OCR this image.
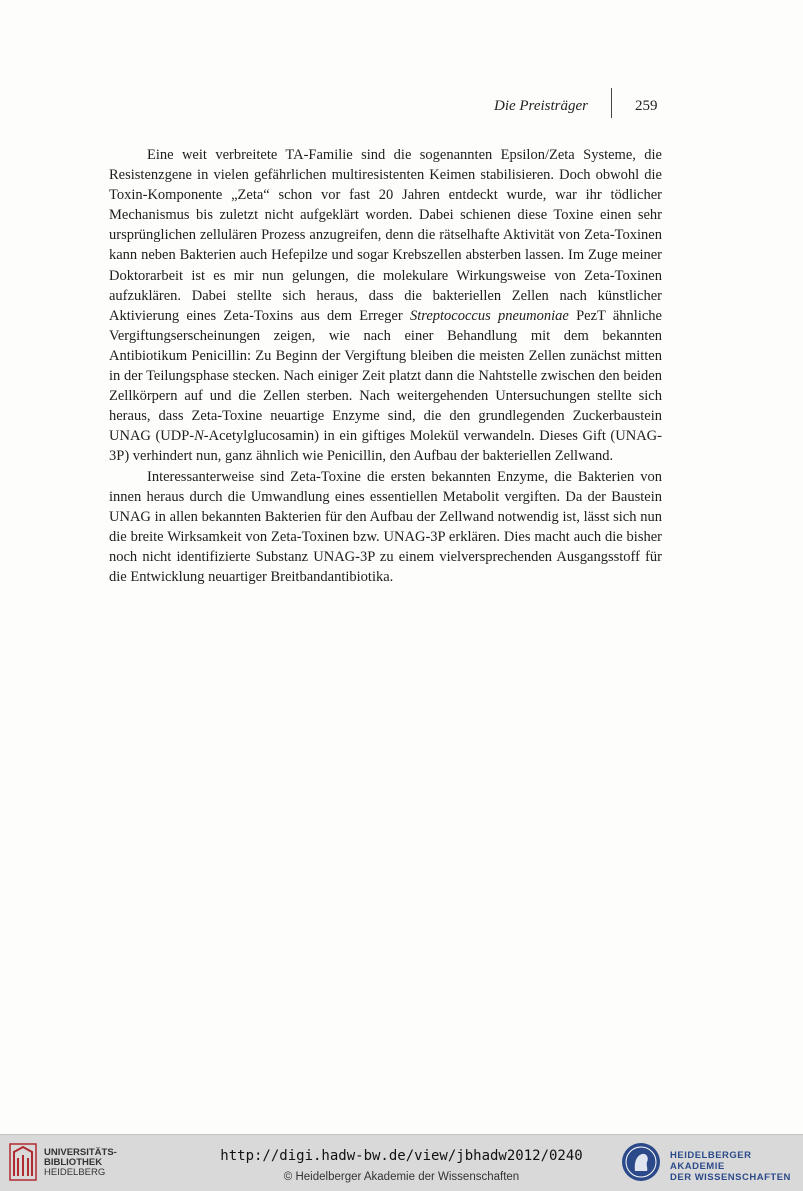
Die Preisträger	259

Eine weit verbreitete TA-Familie sind die sogenannten Epsilon/Zeta Systeme, die Resistenzgene in vielen gefährlichen multiresistenten Keimen stabilisieren. Doch obwohl die Toxin-Komponente „Zeta“ schon vor fast 20 Jahren entdeckt wurde, war ihr tödlicher Mechanismus bis zuletzt nicht aufgeklärt worden. Dabei schienen diese Toxine einen sehr ursprünglichen zellulären Prozess anzugreifen, denn die rätselhafte Aktivität von Zeta-Toxinen kann neben Bakterien auch Hefepilze und sogar Krebszellen absterben lassen. Im Zuge meiner Doktorarbeit ist es mir nun gelungen, die molekulare Wirkungsweise von Zeta-Toxinen aufzuklären. Dabei stellte sich heraus, dass die bakteriellen Zellen nach künstlicher Aktivierung eines Zeta-Toxins aus dem Erreger Streptococcus pneumoniae PezT ähnliche Vergiftungserscheinungen zeigen, wie nach einer Behandlung mit dem bekannten Antibiotikum Penicillin: Zu Beginn der Vergiftung bleiben die meisten Zellen zunächst mitten in der Teilungsphase stecken. Nach einiger Zeit platzt dann die Nahtstelle zwischen den beiden Zellkörpern auf und die Zellen sterben. Nach weitergehenden Untersuchungen stellte sich heraus, dass Zeta-Toxine neuartige Enzyme sind, die den grundlegenden Zuckerbaustein UNAG (UDP-N-Acetylglucosamin) in ein giftiges Molekül verwandeln. Dieses Gift (UNAG-3P) verhindert nun, ganz ähnlich wie Penicillin, den Aufbau der bakteriellen Zellwand.

Interessanterweise sind Zeta-Toxine die ersten bekannten Enzyme, die Bakterien von innen heraus durch die Umwandlung eines essentiellen Metabolit vergiften. Da der Baustein UNAG in allen bekannten Bakterien für den Aufbau der Zellwand notwendig ist, lässt sich nun die breite Wirksamkeit von Zeta-Toxinen bzw. UNAG-3P erklären. Dies macht auch die bisher noch nicht identifizierte Substanz UNAG-3P zu einem vielversprechenden Ausgangsstoff für die Entwicklung neuartiger Breitbandantibiotika.

UNIVERSITÄTS-
BIBLIOTHEK
HEIDELBERG
http://digi.hadw-bw.de/view/jbhadw2012/0240
© Heidelberger Akademie der Wissenschaften
HEIDELBERGER AKADEMIE
DER WISSENSCHAFTEN
